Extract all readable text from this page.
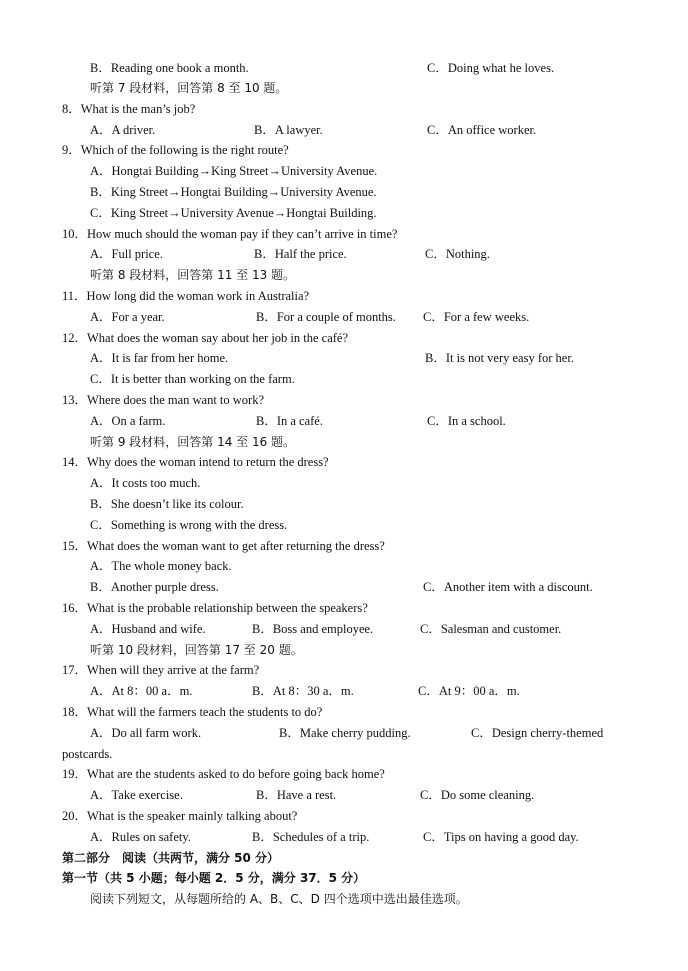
B．Reading one book a month.	C．Doing what he loves.
听第 7 段材料，回答第 8 至 10 题。
8．What is the man’s job?
A．A driver.	B．A lawyer.	C．An office worker.
9．Which of the following is the right route?
A．Hongtai Building→King Street→University Avenue.
B．King Street→Hongtai Building→University Avenue.
C．King Street→University Avenue→Hongtai Building.
10．How much should the woman pay if they can’t arrive in time?
A．Full price.	B．Half the price.	C．Nothing.
听第 8 段材料，回答第 11 至 13 题。
11．How long did the woman work in Australia?
A．For a year.	B．For a couple of months. C．For a few weeks.
12．What does the woman say about her job in the café?
A．It is far from her home.	B．It is not very easy for her.
C．It is better than working on the farm.
13．Where does the man want to work?
A．On a farm.	B．In a café.	C．In a school.
听第 9 段材料，回答第 14 至 16 题。
14．Why does the woman intend to return the dress?
A．It costs too much.
B．She doesn’t like its colour.
C．Something is wrong with the dress.
15．What does the woman want to get after returning the dress?
A．The whole money back.
B．Another purple dress.	C．Another item with a discount.
16．What is the probable relationship between the speakers?
A．Husband and wife.	B．Boss and employee.	C．Salesman and customer.
听第 10 段材料，回答第 17 至 20 题。
17．When will they arrive at the farm?
A．At 8：00 a．m.	B．At 8：30 a．m.	C．At 9：00 a．m.
18．What will the farmers teach the students to do?
A．Do all farm work.	B．Make cherry pudding.	C．Design cherry-themed
postcards.
19．What are the students asked to do before going back home?
A．Take exercise.	B．Have a rest.	C．Do some cleaning.
20．What is the speaker mainly talking about?
A．Rules on safety.	B．Schedules of a trip.	C．Tips on having a good day.
第二部分　阅读（共两节，满分 50 分）
第一节（共 5 小题；每小题 2．5 分，满分 37．5 分）
阅读下列短文，从每题所给的 A、B、C、D 四个选项中选出最佳选项。
